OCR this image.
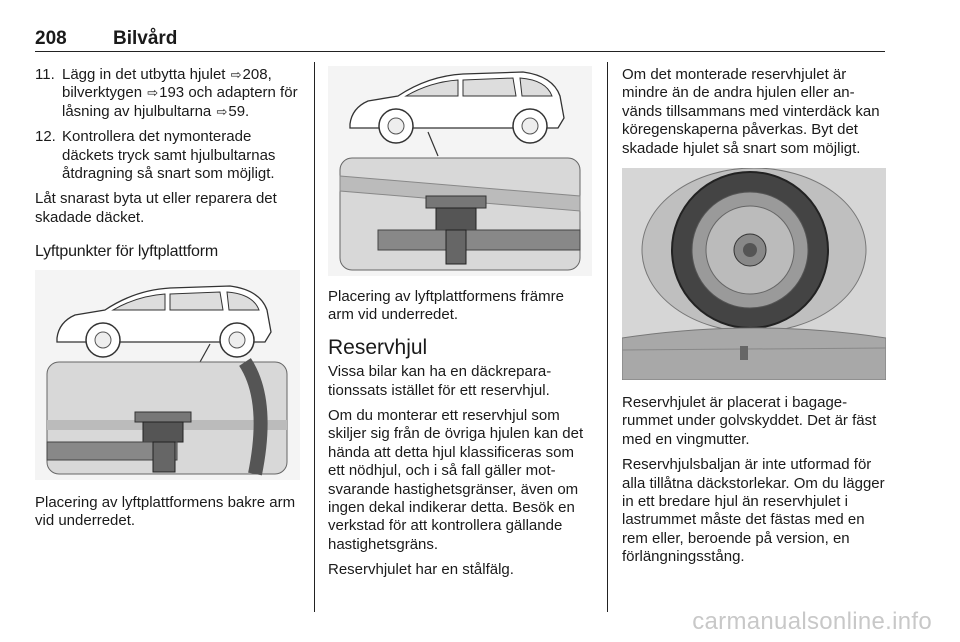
208 Bilvård
11. Lägg in det utbytta hjulet ⇨208, bilverktygen ⇨193 och adaptern för låsning av hjulbultarna ⇨59.
12. Kontrollera det nymonterade däckets tryck samt hjulbultarnas åtdragning så snart som möjligt.

Låt snarast byta ut eller reparera det skadade däcket.

Lyftpunkter för lyftplattform

Placering av lyftplattformens bakre arm vid underredet.

Placering av lyftplattformens främre arm vid underredet.

Reservhjul

Vissa bilar kan ha en däckreparationssats istället för ett reservhjul.

Om du monterar ett reservhjul som skiljer sig från de övriga hjulen kan det hända att detta hjul klassificeras som ett nödhjul, och i så fall gäller motsvarande hastighetsgränser, även om ingen dekal indikerar detta. Besök en verkstad för att kontrollera gällande hastighetsgräns.

Reservhjulet har en stålfälg.

Om det monterade reservhjulet är mindre än de andra hjulen eller används tillsammans med vinterdäck kan köregenskaperna påverkas. Byt det skadade hjulet så snart som möjligt.

Reservhjulet är placerat i bagagerummet under golvskyddet. Det är fäst med en vingmutter.

Reservhjulsbaljan är inte utformad för alla tillåtna däckstorlekar. Om du lägger in ett bredare hjul än reservhjulet i lastrummet måste det fästas med en rem eller, beroende på version, en förlängningsstång.

carmanualsonline.info
